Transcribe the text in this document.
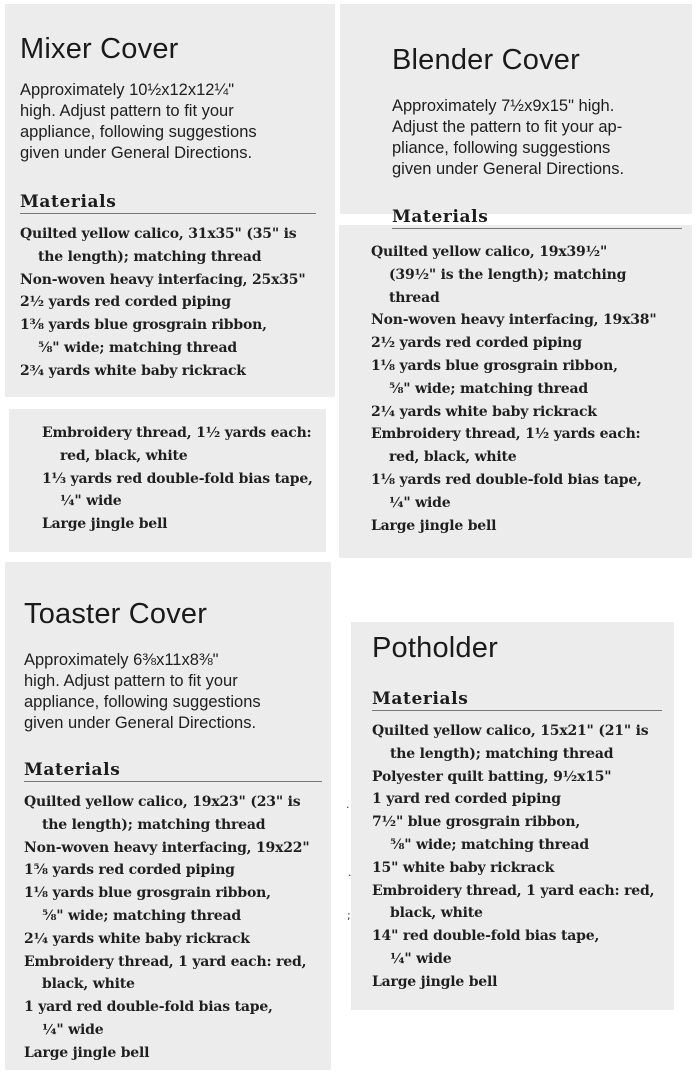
Mixer Cover

Approximately 10½x12x12¼"
high. Adjust pattern to fit your
appliance, following suggestions
given under General Directions.

Materials
Quilted yellow calico, 31x35" (35" is
the length); matching thread
Non-woven heavy interfacing, 25x35"
2½ yards red corded piping
1⅜ yards blue grosgrain ribbon,
⅝" wide; matching thread
2¾ yards white baby rickrack
Embroidery thread, 1½ yards each:
red, black, white
1⅓ yards red double-fold bias tape,
¼" wide
Large jingle bell
Blender Cover

Approximately 7½x9x15" high.
Adjust the pattern to fit your ap-
pliance, following suggestions
given under General Directions.

Materials
Quilted yellow calico, 19x39½"
(39½" is the length); matching
thread
Non-woven heavy interfacing, 19x38"
2½ yards red corded piping
1⅛ yards blue grosgrain ribbon,
⅝" wide; matching thread
2¼ yards white baby rickrack
Embroidery thread, 1½ yards each:
red, black, white
1⅛ yards red double-fold bias tape,
¼" wide
Large jingle bell
Toaster Cover

Approximately 6⅜x11x8⅜"
high. Adjust pattern to fit your
appliance, following suggestions
given under General Directions.

Materials
Quilted yellow calico, 19x23" (23" is
the length); matching thread
Non-woven heavy interfacing, 19x22"
1⅝ yards red corded piping
1⅛ yards blue grosgrain ribbon,
⅝" wide; matching thread
2¼ yards white baby rickrack
Embroidery thread, 1 yard each: red,
black, white
1 yard red double-fold bias tape,
¼" wide
Large jingle bell
Potholder
Materials
Quilted yellow calico, 15x21" (21" is
the length); matching thread
Polyester quilt batting, 9½x15"
1 yard red corded piping
7½" blue grosgrain ribbon,
⅝" wide; matching thread
15" white baby rickrack
Embroidery thread, 1 yard each: red,
black, white
14" red double-fold bias tape,
¼" wide
Large jingle bell
.
.
;
